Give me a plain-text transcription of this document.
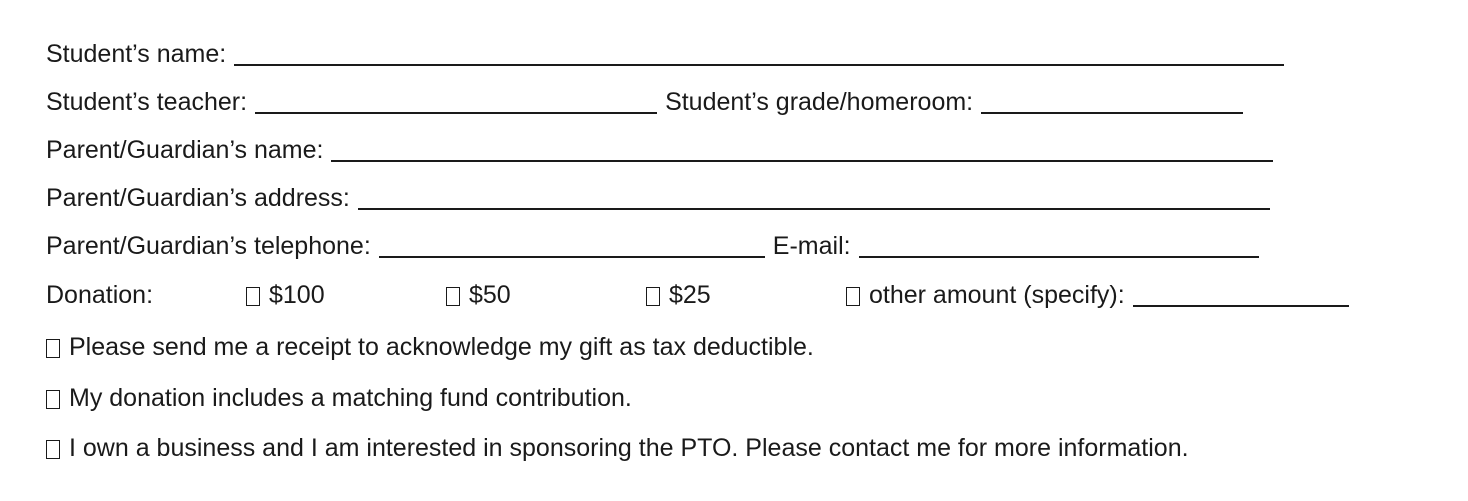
Student’s name:
Student’s teacher:	Student’s grade/homeroom:
Parent/Guardian’s name:
Parent/Guardian’s address:
Parent/Guardian’s telephone:	E-mail:
Donation:	$100	$50	$25	other amount (specify):
Please send me a receipt to acknowledge my gift as tax deductible.
My donation includes a matching fund contribution.
I own a business and I am interested in sponsoring the PTO. Please contact me for more information.
